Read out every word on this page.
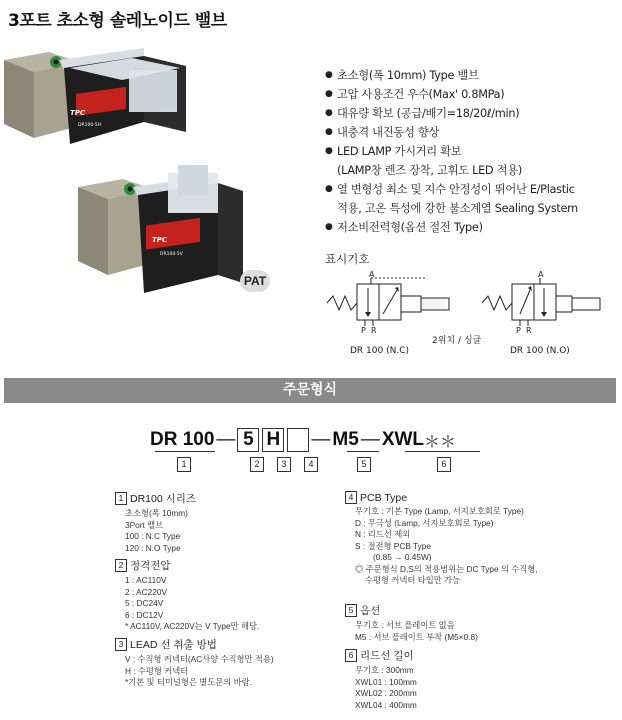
3포트 초소형 솔레노이드 밸브
TPC
DR100-5H
TPC
DR100-5V
PAT
● 초소형(폭 10mm) Type 밸브
● 고압 사용조건 우수(Max' 0.8MPa)
● 대유량 확보 (공급/배기=18/20ℓ/min)
● 내충격 내진동성 향상
● LED LAMP 가시거리 확보
(LAMP창 렌즈 장착, 고휘도 LED 적용)
● 열 변형성 최소 및 지수 안정성이 뛰어난 E/Plastic
적용, 고온 특성에 강한 불소계열 Sealing System
● 저소비전력형(옵션 절전 Type)
표시기호
A
P R
DR 100 (N.C)
A
P R
DR 100 (N.O)
2위치 / 싱글
주문형식
DR 100 — 5 H — M5 — XWL ＊＊
1	2	3	4	5	6
1 DR100 시리즈
초소형(폭 10mm)
3Port 밸브
100 : N.C Type
120 : N.O Type
2 정격전압
1 : AC110V
2 : AC220V
5 : DC24V
6 : DC12V
* AC110V, AC220V는 V Type만 해당.
3 LEAD 선 취출 방법
V : 수직형 커넥터(AC사양 수직형만 적용)
H : 수평형 커넥터
*기본 및 터미널형은 별도문의 바람.
4 PCB Type
무기호 : 기본 Type (Lamp, 서지보호회로 Type)
D : 무극성 (Lamp, 서지보호회로 Type)
N : 리드선 제외
S : 절전형 PCB Type
(0.85 → 0.45W)
◎ 주문형식 D,S의 적용범위는 DC Type 의 수직형,
수평형 커넥터 타입만 가능
5 옵션
무기호 : 서브 플레이트 없음
M5 : 서브 플레이트 부착 (M5×0.8)
6 리드선 길이
무기호 : 300mm
XWL01 : 100mm
XWL02 : 200mm
XWL04 : 400mm
